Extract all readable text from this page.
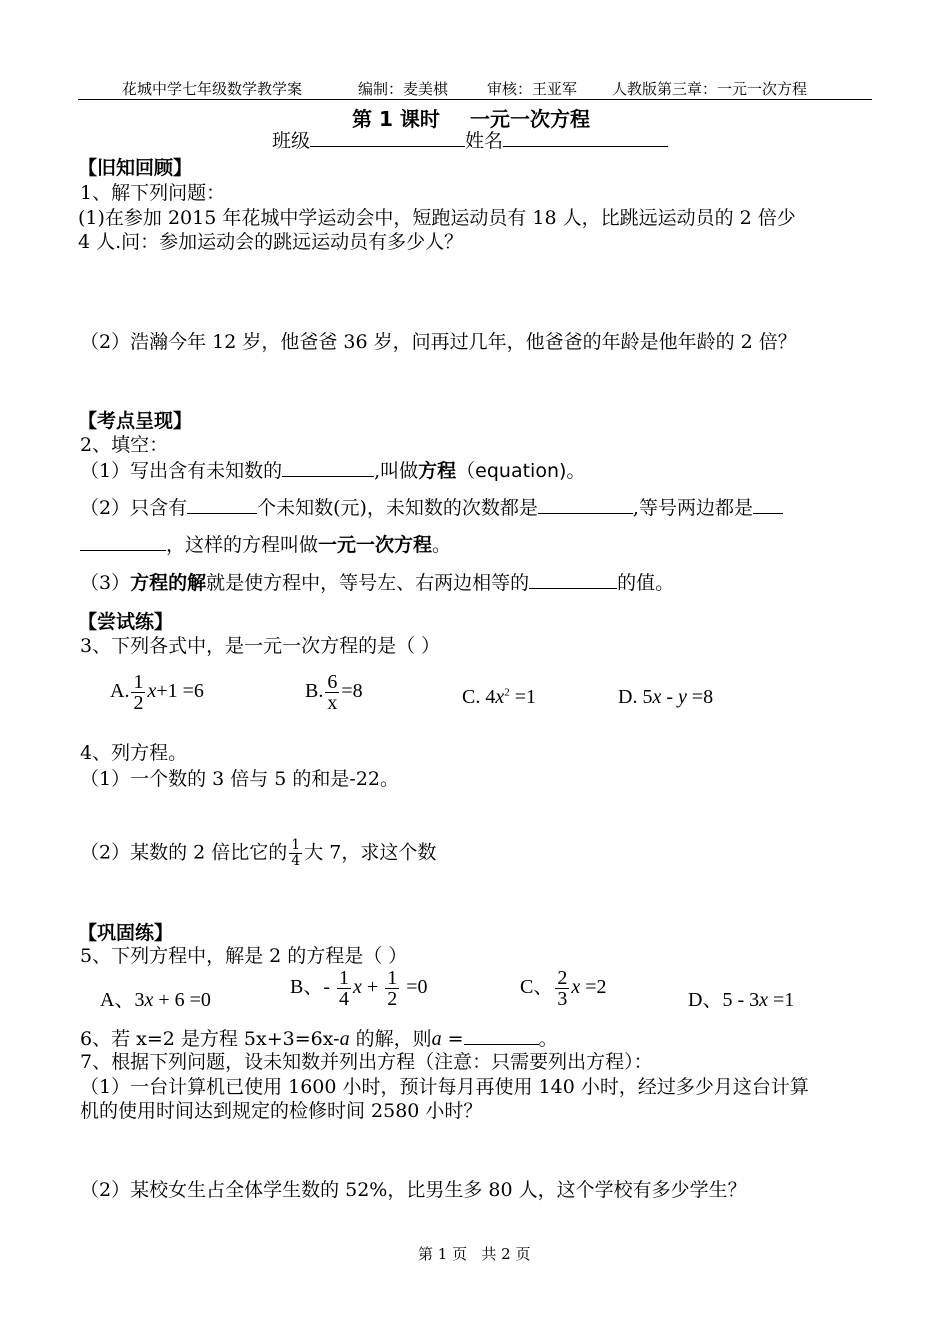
花城中学七年级数学教学案	编制：麦美棋	审核：王亚军 人教版第三章：一元一次方程
第 1 课时 一元一次方程
班级	姓名
【旧知回顾】
1、解下列问题：
(1)在参加 2015 年花城中学运动会中，短跑运动员有 18 人，比跳远运动员的 2 倍少
4 人.问：参加运动会的跳远运动员有多少人？
（2）浩瀚今年 12 岁，他爸爸 36 岁，问再过几年，他爸爸的年龄是他年龄的 2 倍？
【考点呈现】
2、填空：
（1）写出含有未知数的	,叫做方程（equation)。
（2）只含有	个未知数(元)，未知数的次数都是	,等号两边都是
，这样的方程叫做一元一次方程。
（3）方程的解就是使方程中，等号左、右两边相等的	的值。
【尝试练】
3、下列各式中，是一元一次方程的是（ ）
A. $\frac{1}{2} x+1 =6$	B. $\frac{6}{x} =8$	C. $4x^2 =1$	D. 5x - y =8
4、列方程。
（1）一个数的 3 倍与 5 的和是-22。
（2）某数的 2 倍比它的 $\frac{1}{4}$ 大 7，求这个数
【巩固练】
5、下列方程中，解是 2 的方程是（ ）
A、3x + 6 =0
B、- $\frac{1}{4}$ $x + \frac{1}{2} =0$	C、 $\frac{2}{3}$ x =2
D、5 - 3x =1
6、若 x=2 是方程 5x+3=6x-a 的解，则a =	。
7、根据下列问题，设未知数并列出方程（注意：只需要列出方程）：
（1）一台计算机已使用 1600 小时，预计每月再使用 140 小时，经过多少月这台计算
机的使用时间达到规定的检修时间 2580 小时？
（2）某校女生占全体学生数的 52%，比男生多 80 人，这个学校有多少学生？
第 1 页 共 2 页
